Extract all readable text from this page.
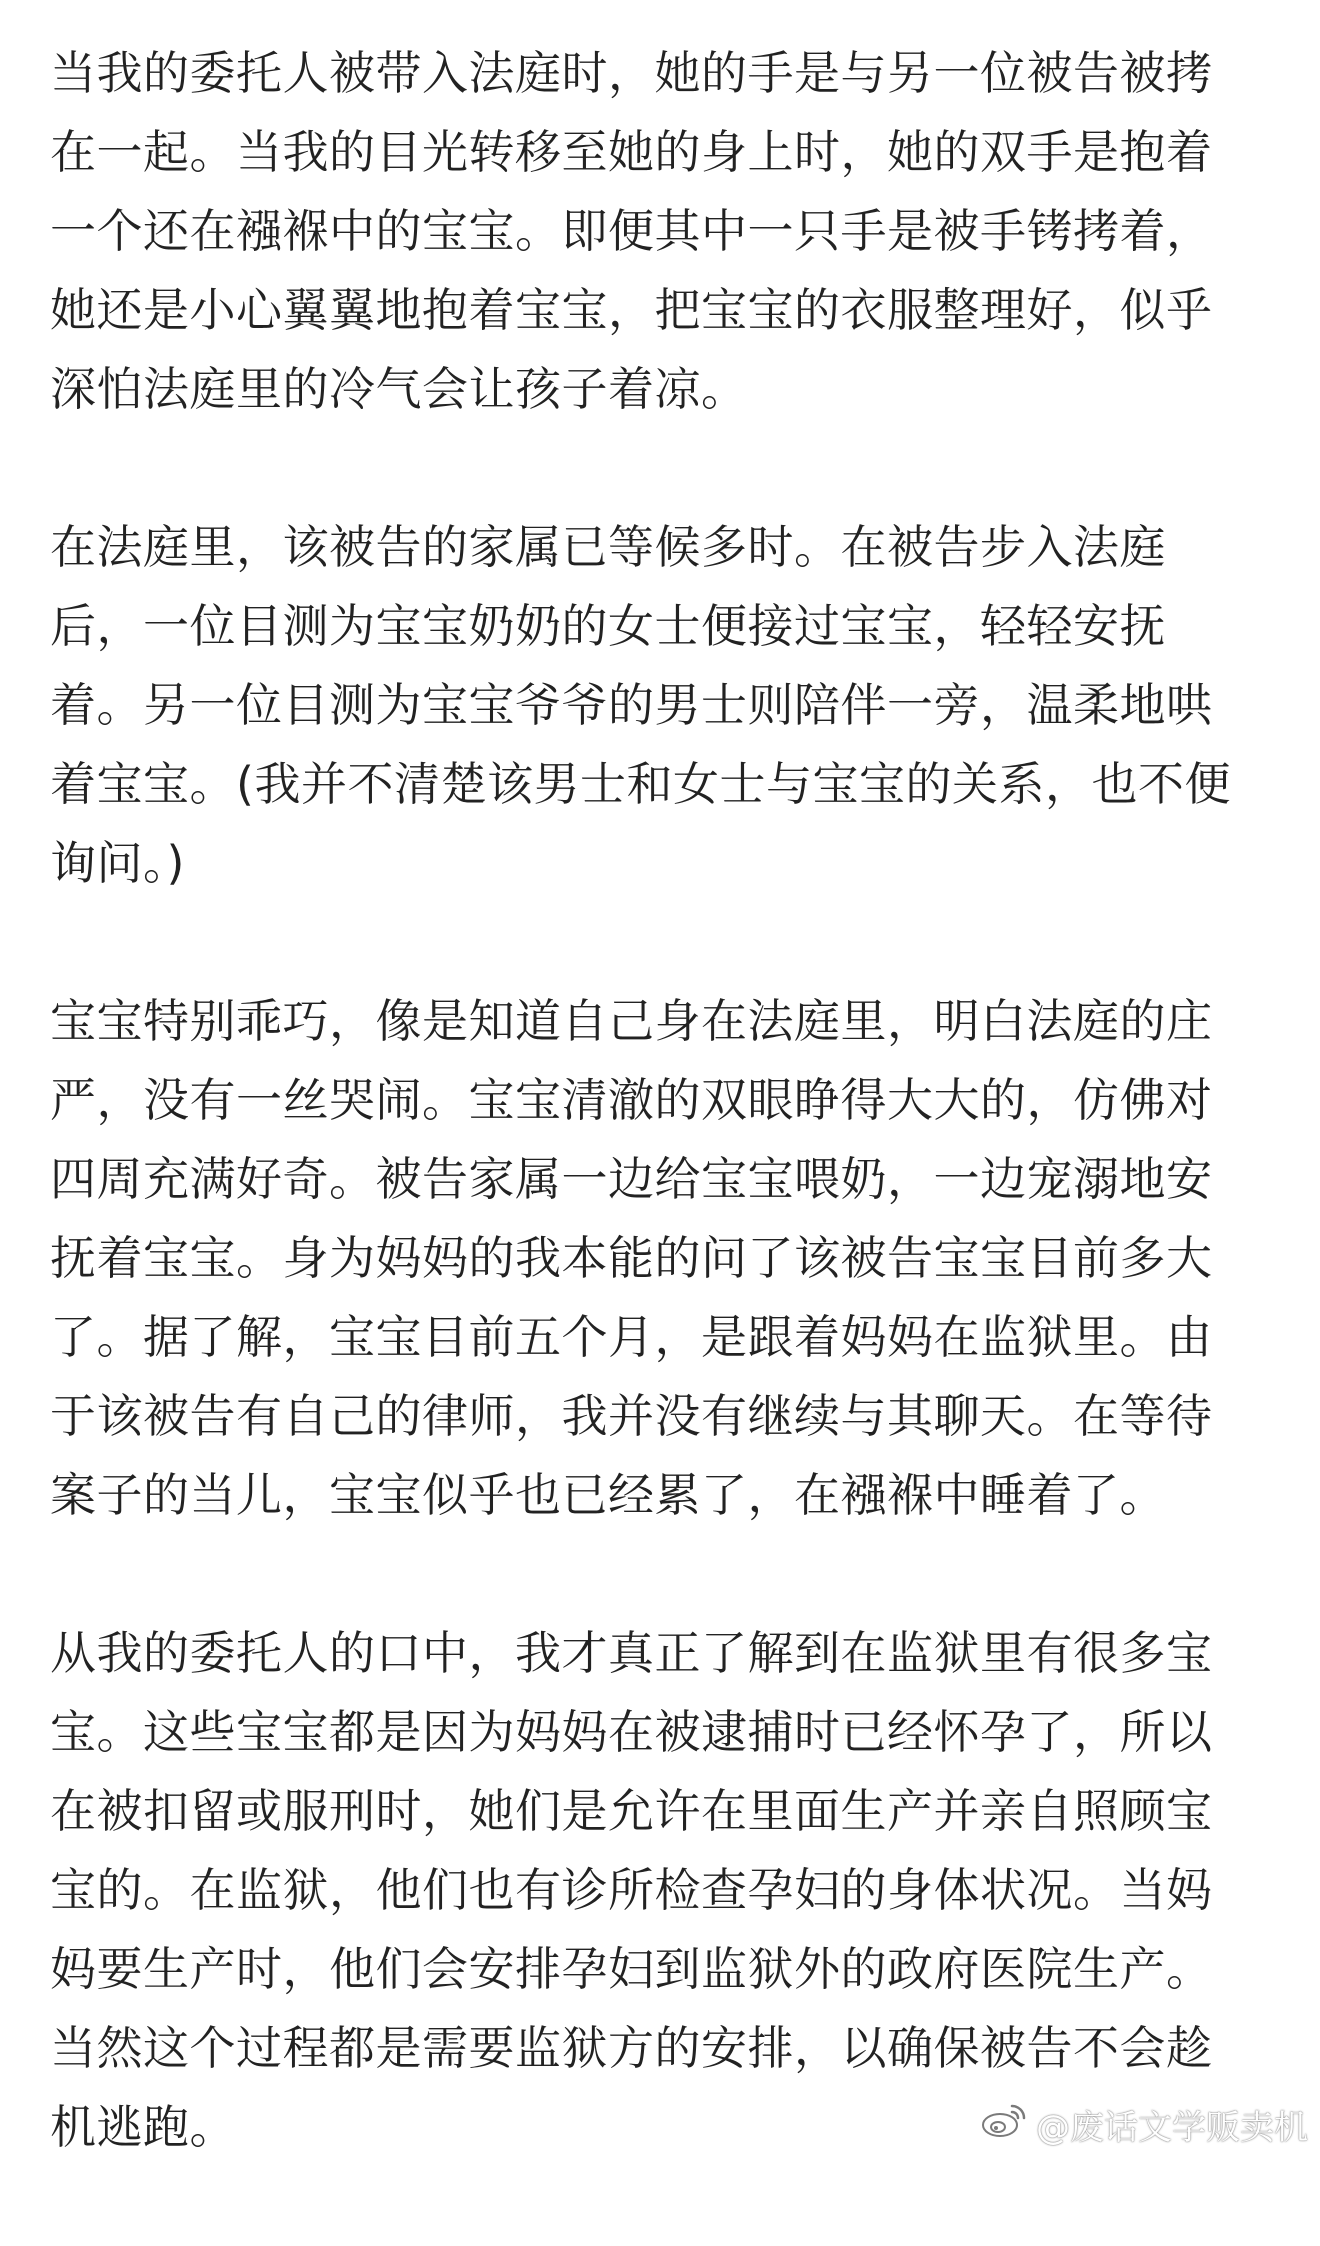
当我的委托人被带入法庭时，她的手是与另一位被告被拷
在一起。当我的目光转移至她的身上时，她的双手是抱着
一个还在襁褓中的宝宝。即便其中一只手是被手铐拷着，
她还是小心翼翼地抱着宝宝，把宝宝的衣服整理好，似乎
深怕法庭里的冷气会让孩子着凉。
在法庭里，该被告的家属已等候多时。在被告步入法庭
后，一位目测为宝宝奶奶的女士便接过宝宝，轻轻安抚
着。另一位目测为宝宝爷爷的男士则陪伴一旁，温柔地哄
着宝宝。(我并不清楚该男士和女士与宝宝的关系，也不便
询问。)
宝宝特别乖巧，像是知道自己身在法庭里，明白法庭的庄
严，没有一丝哭闹。宝宝清澈的双眼睁得大大的，仿佛对
四周充满好奇。被告家属一边给宝宝喂奶，一边宠溺地安
抚着宝宝。身为妈妈的我本能的问了该被告宝宝目前多大
了。据了解，宝宝目前五个月，是跟着妈妈在监狱里。由
于该被告有自己的律师，我并没有继续与其聊天。在等待
案子的当儿，宝宝似乎也已经累了，在襁褓中睡着了。
从我的委托人的口中，我才真正了解到在监狱里有很多宝
宝。这些宝宝都是因为妈妈在被逮捕时已经怀孕了，所以
在被扣留或服刑时，她们是允许在里面生产并亲自照顾宝
宝的。在监狱，他们也有诊所检查孕妇的身体状况。当妈
妈要生产时，他们会安排孕妇到监狱外的政府医院生产。
当然这个过程都是需要监狱方的安排，以确保被告不会趁
机逃跑。	@废话文学贩卖机
